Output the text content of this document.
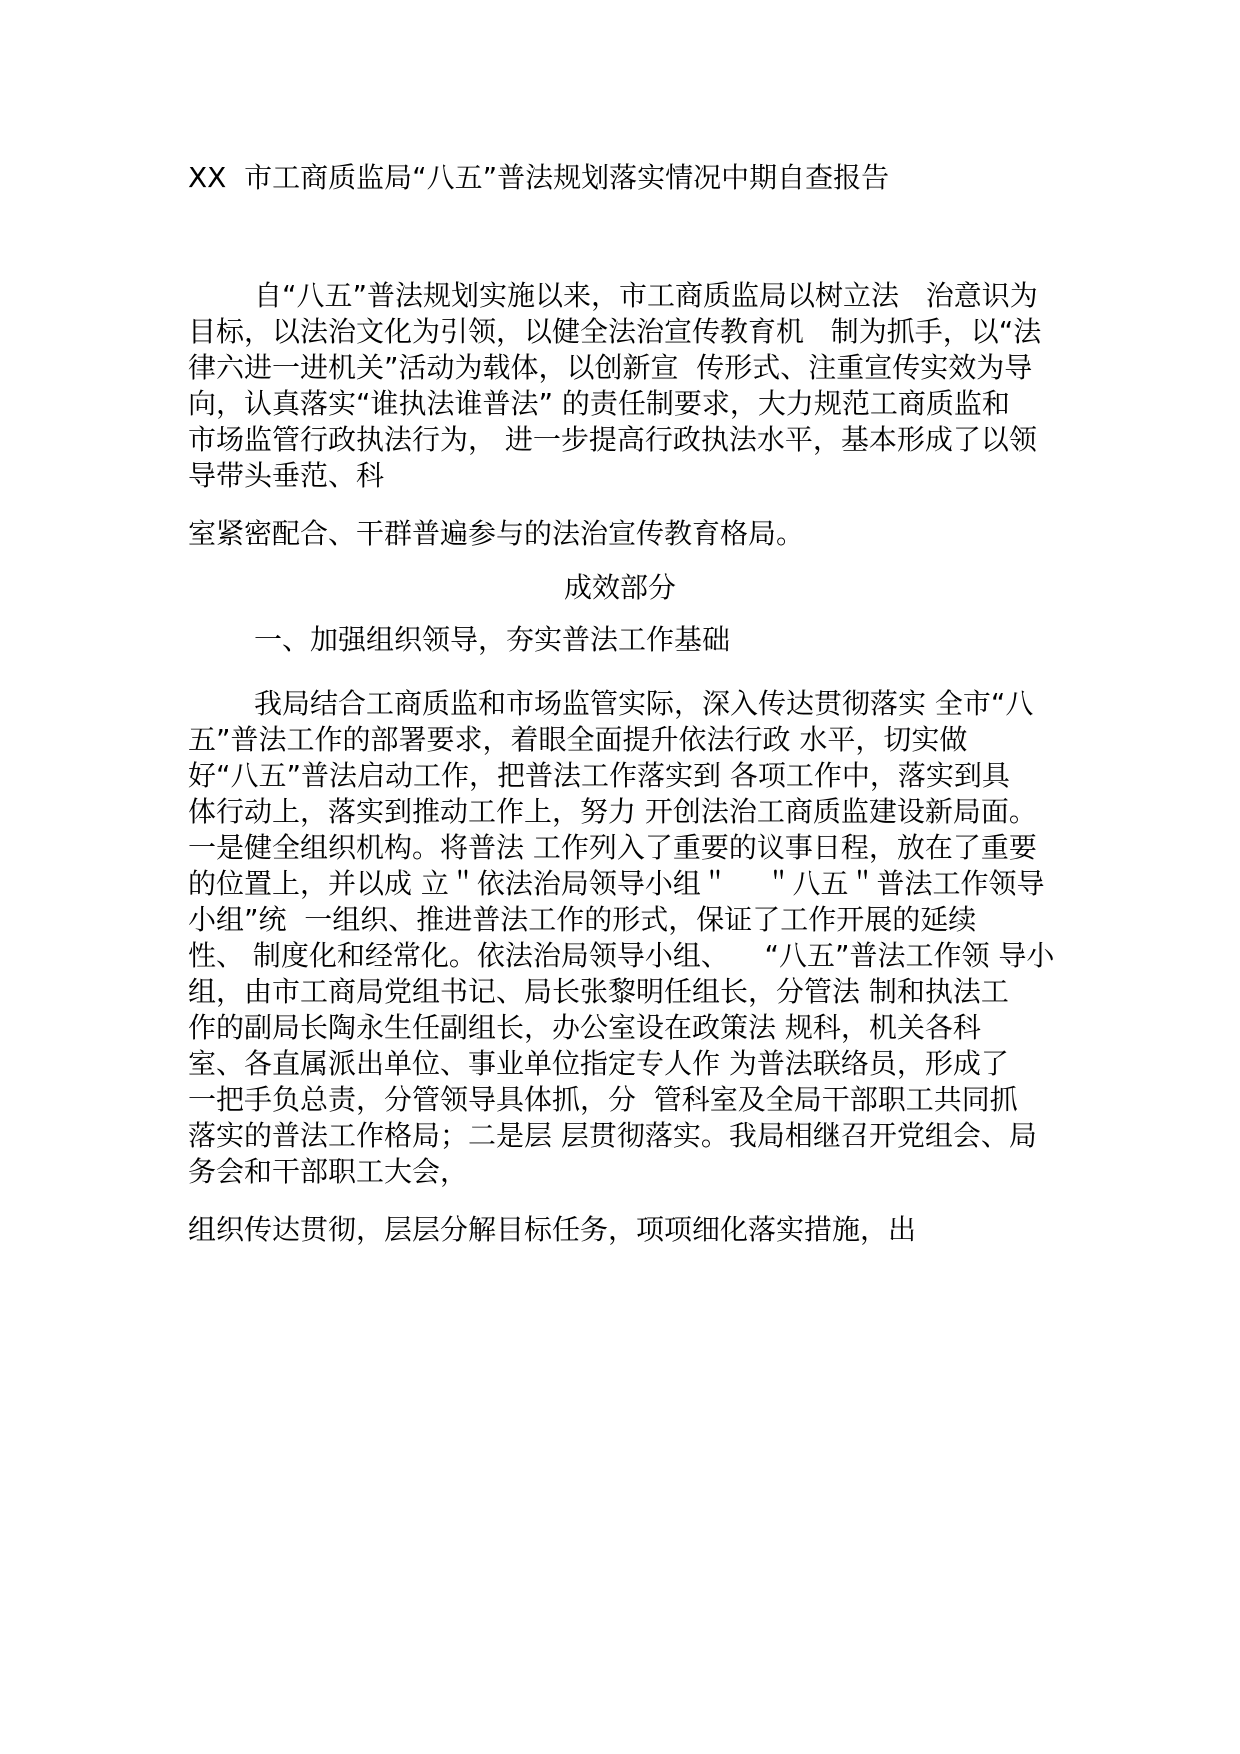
XX  市工商质监局“八五”普法规划落实情况中期自查报告
自“八五”普法规划实施以来，市工商质监局以树立法   治意识为
目标，以法治文化为引领，以健全法治宣传教育机   制为抓手，以“法
律六进一进机关”活动为载体，以创新宣  传形式、注重宣传实效为导
向，认真落实“谁执法谁普法” 的责任制要求，大力规范工商质监和
市场监管行政执法行为， 进一步提高行政执法水平，基本形成了以领
导带头垂范、科
室紧密配合、干群普遍参与的法治宣传教育格局。
成效部分
一、加强组织领导，夯实普法工作基础
我局结合工商质监和市场监管实际，深入传达贯彻落实 全市“八
五”普法工作的部署要求，着眼全面提升依法行政 水平，切实做
好“八五”普法启动工作，把普法工作落实到 各项工作中，落实到具
体行动上，落实到推动工作上，努力 开创法治工商质监建设新局面。
一是健全组织机构。将普法 工作列入了重要的议事日程，放在了重要
的位置上，并以成 立＂依法治局领导小组＂    ＂八五＂普法工作领导
小组”统  一组织、推进普法工作的形式，保证了工作开展的延续
性、 制度化和经常化。依法治局领导小组、    “八五”普法工作领 导小
组，由市工商局党组书记、局长张黎明任组长，分管法 制和执法工
作的副局长陶永生任副组长，办公室设在政策法 规科，机关各科
室、各直属派出单位、事业单位指定专人作 为普法联络员，形成了
一把手负总责，分管领导具体抓，分  管科室及全局干部职工共同抓
落实的普法工作格局；二是层 层贯彻落实。我局相继召开党组会、局
务会和干部职工大会，
组织传达贯彻，层层分解目标任务，项项细化落实措施，出
